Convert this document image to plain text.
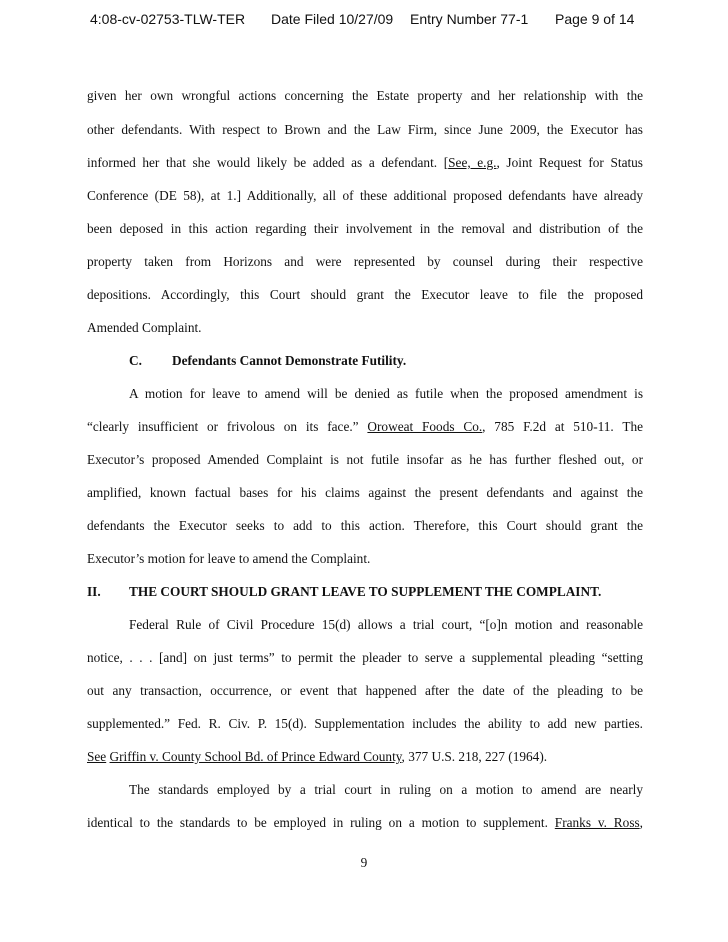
4:08-cv-02753-TLW-TER Date Filed 10/27/09 Entry Number 77-1 Page 9 of 14
given her own wrongful actions concerning the Estate property and her relationship with the
other defendants. With respect to Brown and the Law Firm, since June 2009, the Executor has
informed her that she would likely be added as a defendant. [See, e.g., Joint Request for Status
Conference (DE 58), at 1.] Additionally, all of these additional proposed defendants have already
been deposed in this action regarding their involvement in the removal and distribution of the
property taken from Horizons and were represented by counsel during their respective
depositions. Accordingly, this Court should grant the Executor leave to file the proposed
Amended Complaint.
C. Defendants Cannot Demonstrate Futility.
A motion for leave to amend will be denied as futile when the proposed amendment is
“clearly insufficient or frivolous on its face.” Oroweat Foods Co., 785 F.2d at 510-11. The
Executor’s proposed Amended Complaint is not futile insofar as he has further fleshed out, or
amplified, known factual bases for his claims against the present defendants and against the
defendants the Executor seeks to add to this action. Therefore, this Court should grant the
Executor’s motion for leave to amend the Complaint.
II. THE COURT SHOULD GRANT LEAVE TO SUPPLEMENT THE COMPLAINT.
Federal Rule of Civil Procedure 15(d) allows a trial court, “[o]n motion and reasonable
notice, . . . [and] on just terms” to permit the pleader to serve a supplemental pleading “setting
out any transaction, occurrence, or event that happened after the date of the pleading to be
supplemented.” Fed. R. Civ. P. 15(d). Supplementation includes the ability to add new parties.
See Griffin v. County School Bd. of Prince Edward County, 377 U.S. 218, 227 (1964).
The standards employed by a trial court in ruling on a motion to amend are nearly
identical to the standards to be employed in ruling on a motion to supplement. Franks v. Ross,
9
